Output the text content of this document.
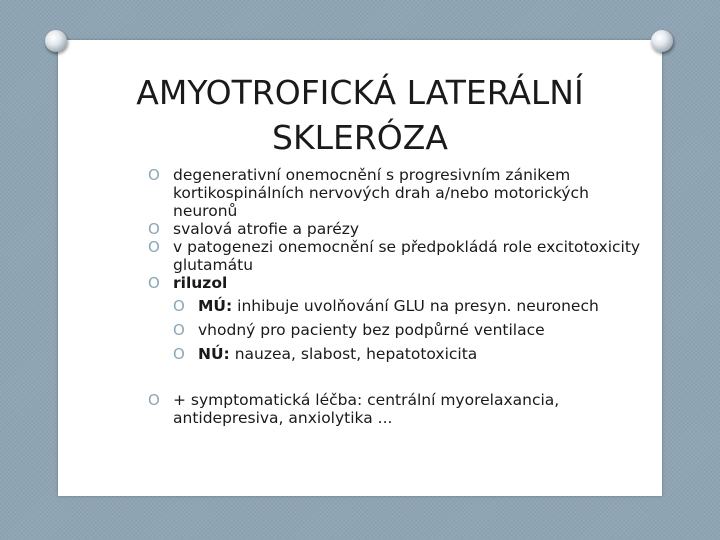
AMYOTROFICKÁ LATERÁLNÍ
SKLERÓZA
O degenerativní onemocnění s progresivním zánikem kortikospinálních nervových drah a/nebo motorických neuronů
O svalová atrofie a parézy
O v patogenezi onemocnění se předpokládá role excitotoxicity glutamátu
O riluzol
O MÚ: inhibuje uvolňování GLU na presyn. neuronech
O vhodný pro pacienty bez podpůrné ventilace
O NÚ: nauzea, slabost, hepatotoxicita
O + symptomatická léčba: centrální myorelaxancia, antidepresiva, anxiolytika ...
